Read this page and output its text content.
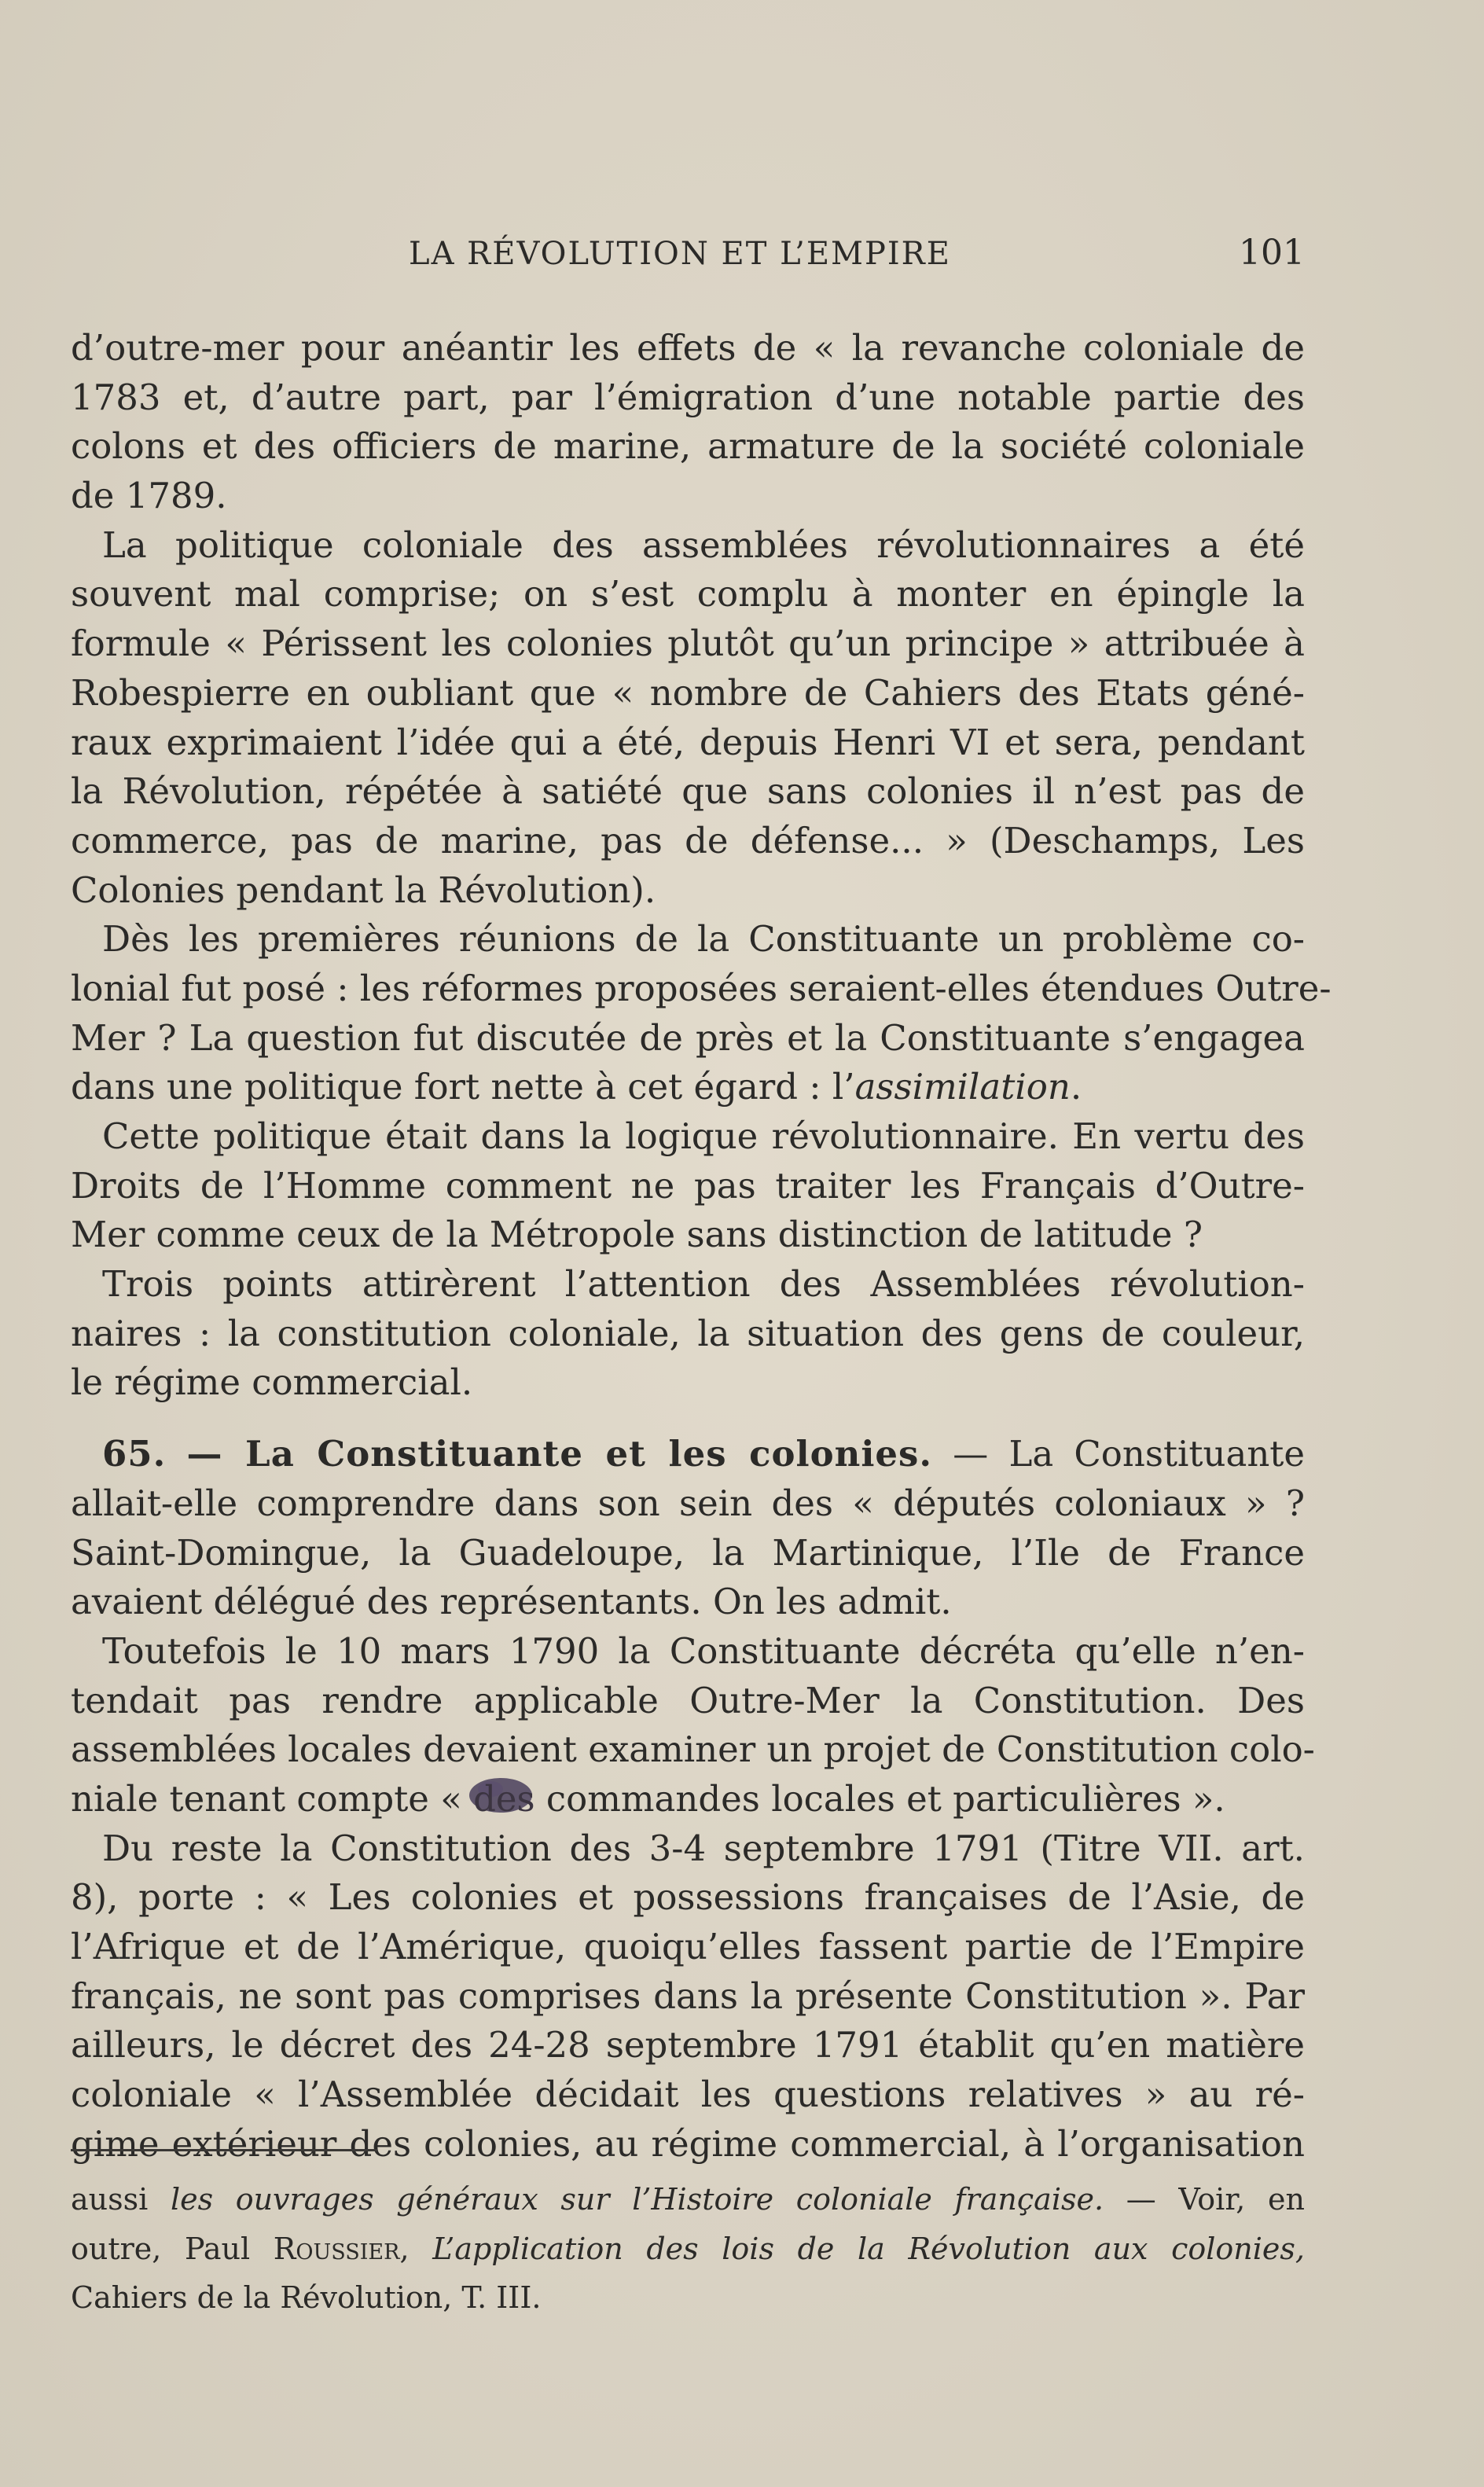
LA RÉVOLUTION ET L’EMPIRE	101
d’outre-mer pour anéantir les effets de « la revanche coloniale de
1783 et, d’autre part, par l’émigration d’une notable partie des
colons et des officiers de marine, armature de la société coloniale
de 1789.
La politique coloniale des assemblées révolutionnaires a été
souvent mal comprise; on s’est complu à monter en épingle la
formule « Périssent les colonies plutôt qu’un principe » attribuée à
Robespierre en oubliant que « nombre de Cahiers des Etats géné-
raux exprimaient l’idée qui a été, depuis Henri VI et sera, pendant
la Révolution, répétée à satiété que sans colonies il n’est pas de
commerce, pas de marine, pas de défense... » (Deschamps, Les
Colonies pendant la Révolution).
Dès les premières réunions de la Constituante un problème co-
lonial fut posé : les réformes proposées seraient-elles étendues Outre-
Mer ? La question fut discutée de près et la Constituante s’engagea
dans une politique fort nette à cet égard : l’assimilation.
Cette politique était dans la logique révolutionnaire. En vertu des
Droits de l’Homme comment ne pas traiter les Français d’Outre-
Mer comme ceux de la Métropole sans distinction de latitude ?
Trois points attirèrent l’attention des Assemblées révolution-
naires : la constitution coloniale, la situation des gens de couleur,
le régime commercial.
65. — La Constituante et les colonies. — La Constituante
allait-elle comprendre dans son sein des « députés coloniaux » ?
Saint-Domingue, la Guadeloupe, la Martinique, l’Ile de France
avaient délégué des représentants. On les admit.
Toutefois le 10 mars 1790 la Constituante décréta qu’elle n’en-
tendait pas rendre applicable Outre-Mer la Constitution. Des
assemblées locales devaient examiner un projet de Constitution colo-
niale tenant compte « des commandes locales et particulières ».
Du reste la Constitution des 3-4 septembre 1791 (Titre VII. art.
8), porte : « Les colonies et possessions françaises de l’Asie, de
l’Afrique et de l’Amérique, quoiqu’elles fassent partie de l’Empire
français, ne sont pas comprises dans la présente Constitution ». Par
ailleurs, le décret des 24-28 septembre 1791 établit qu’en matière
coloniale « l’Assemblée décidait les questions relatives » au ré-
gime extérieur des colonies, au régime commercial, à l’organisation
aussi les ouvrages généraux sur l’Histoire coloniale française. — Voir, en
outre, Paul Roussier, L’application des lois de la Révolution aux colonies,
Cahiers de la Révolution, T. III.
